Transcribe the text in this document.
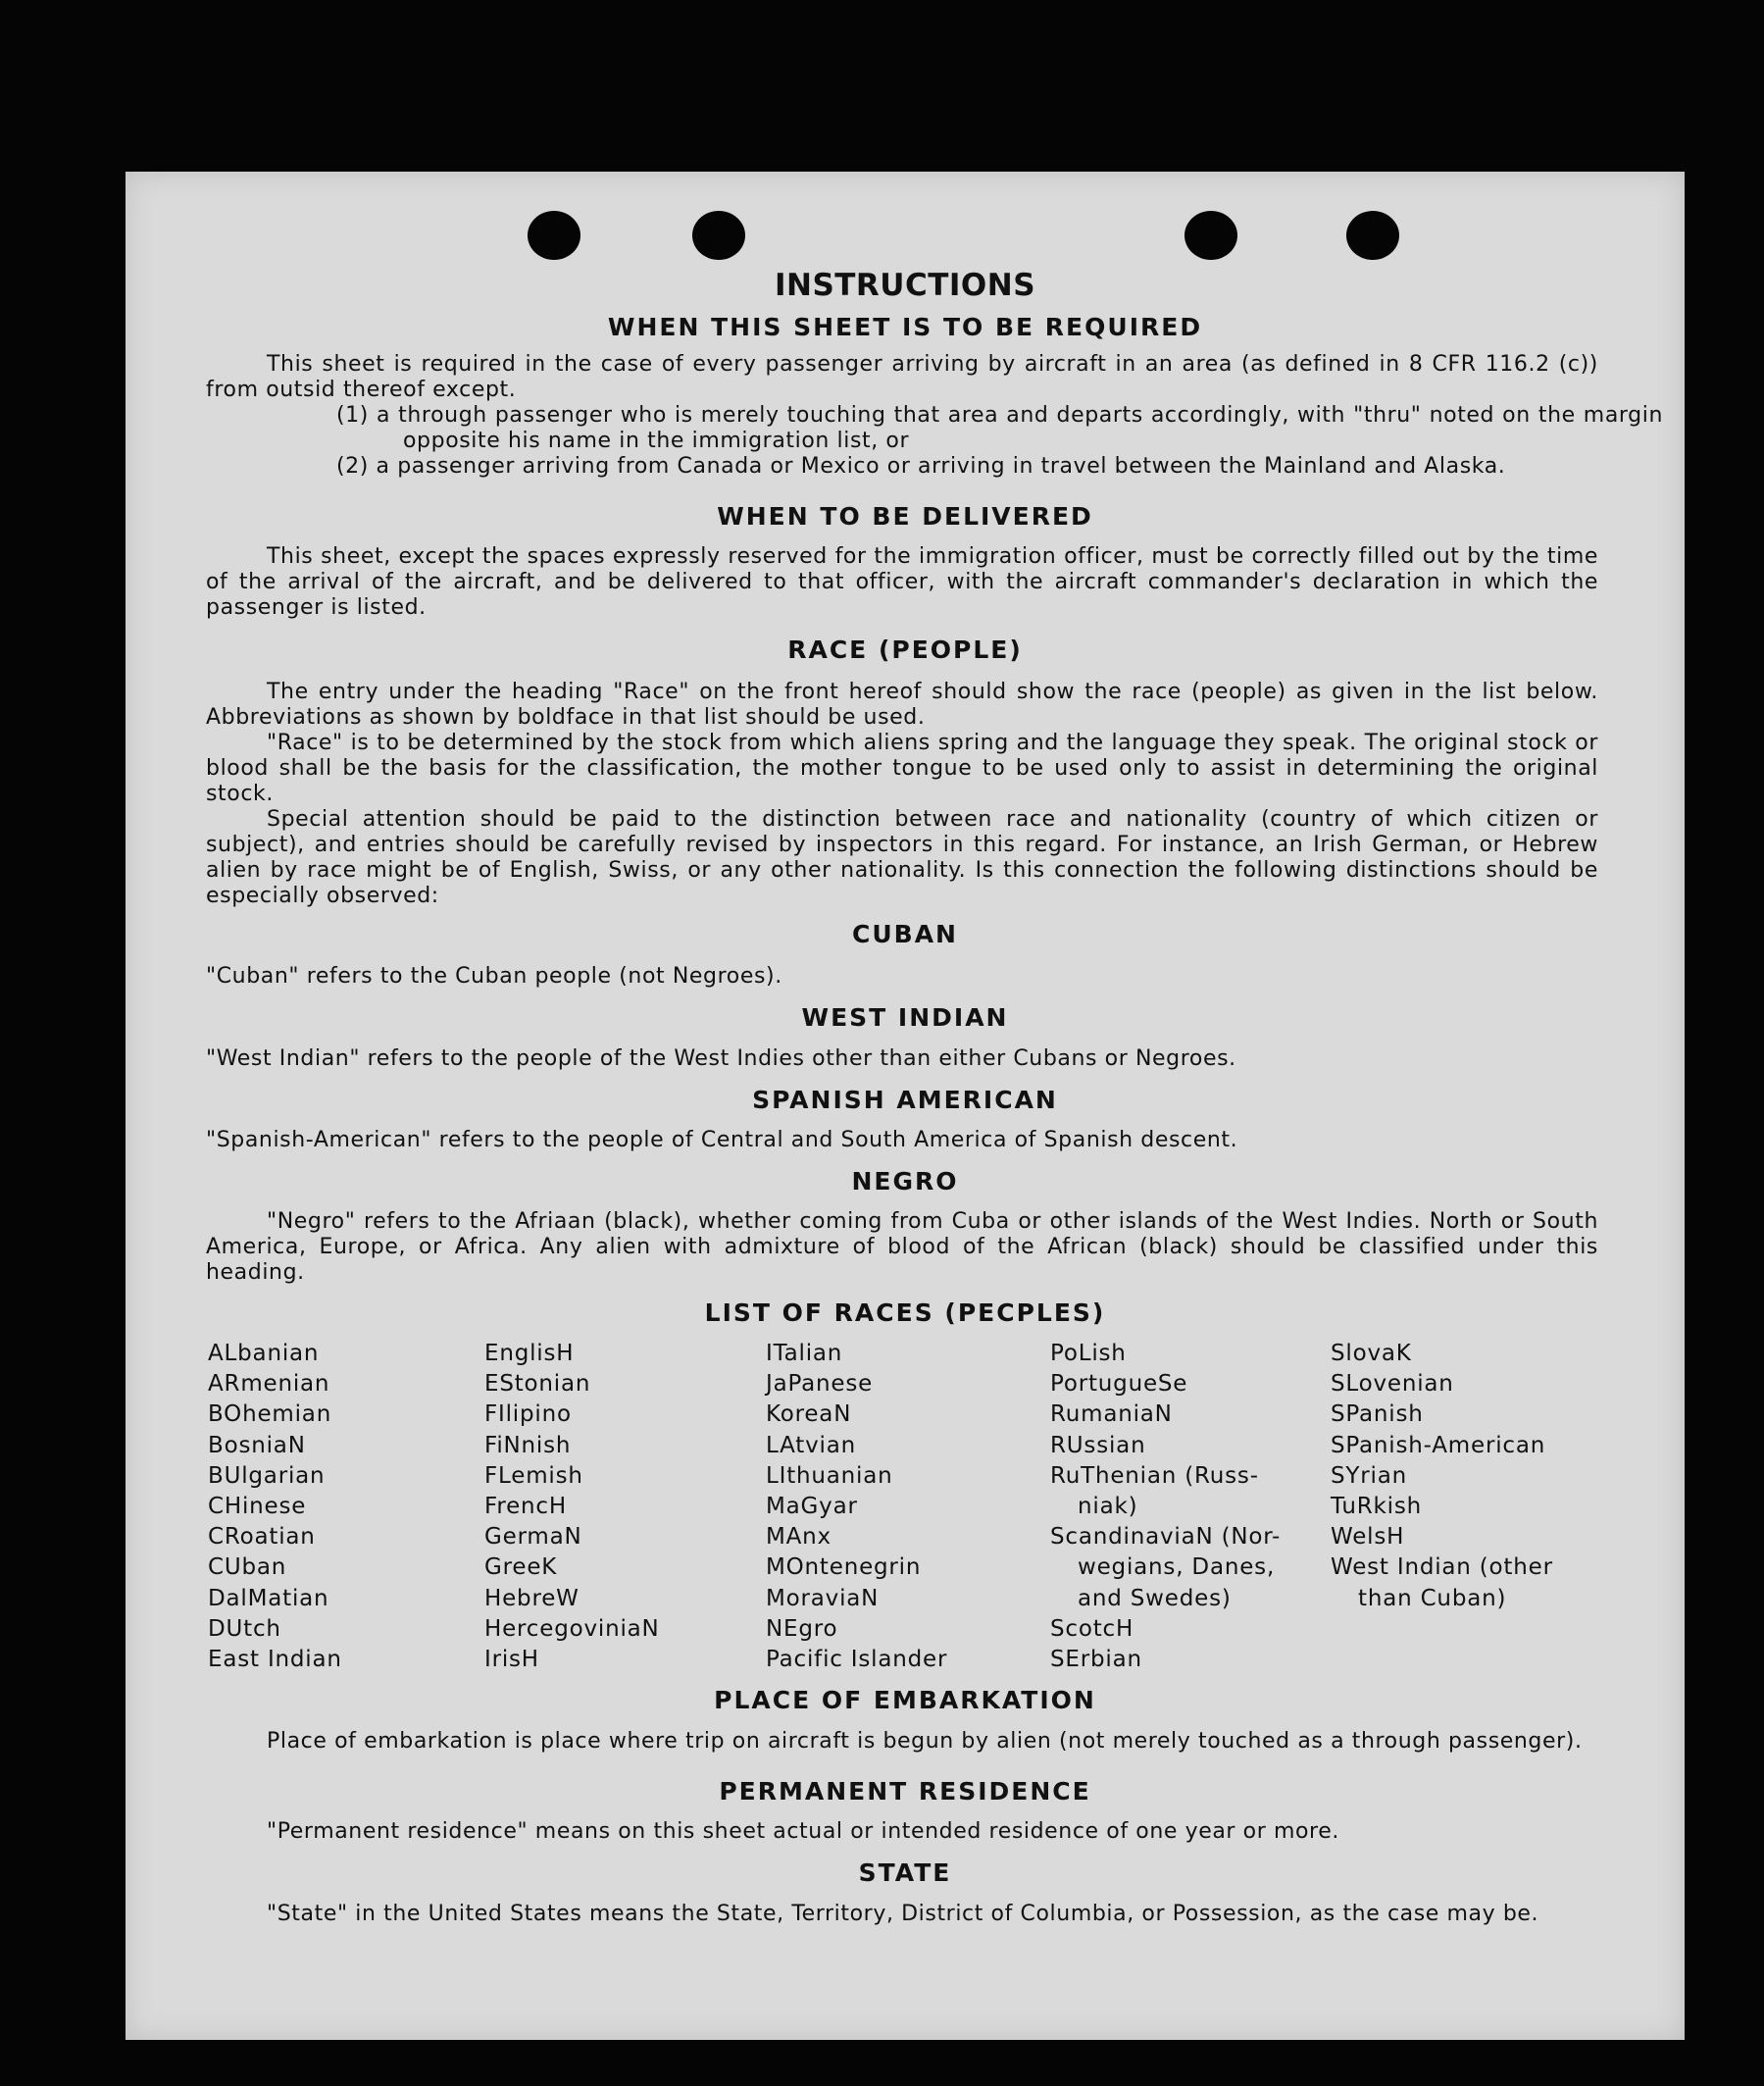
INSTRUCTIONS
WHEN THIS SHEET IS TO BE REQUIRED
This sheet is required in the case of every passenger arriving by aircraft in an area (as defined in 8 CFR 116.2 (c)) from outsid thereof except.
(1) a through passenger who is merely touching that area and departs accordingly, with "thru" noted on the margin opposite his name in the immigration list, or
(2) a passenger arriving from Canada or Mexico or arriving in travel between the Mainland and Alaska.
WHEN TO BE DELIVERED
This sheet, except the spaces expressly reserved for the immigration officer, must be correctly filled out by the time of the arrival of the aircraft, and be delivered to that officer, with the aircraft commander's declaration in which the passenger is listed.
RACE (PEOPLE)
The entry under the heading "Race" on the front hereof should show the race (people) as given in the list below. Abbreviations as shown by boldface in that list should be used.
"Race" is to be determined by the stock from which aliens spring and the language they speak. The original stock or blood shall be the basis for the classification, the mother tongue to be used only to assist in determining the original stock.
Special attention should be paid to the distinction between race and nationality (country of which citizen or subject), and entries should be carefully revised by inspectors in this regard. For instance, an Irish German, or Hebrew alien by race might be of English, Swiss, or any other nationality. Is this connection the following distinctions should be especially observed:
CUBAN
"Cuban" refers to the Cuban people (not Negroes).
WEST INDIAN
"West Indian" refers to the people of the West Indies other than either Cubans or Negroes.
SPANISH AMERICAN
"Spanish-American" refers to the people of Central and South America of Spanish descent.
NEGRO
"Negro" refers to the Afriaan (black), whether coming from Cuba or other islands of the West Indies. North or South America, Europe, or Africa. Any alien with admixture of blood of the African (black) should be classified under this heading.
LIST OF RACES (PECPLES)
ALbanian
ARmenian
BOhemian
BosniaN
BUlgarian
CHinese
CRoatian
CUban
DalMatian
DUtch
East Indian
EnglisH
EStonian
FIlipino
FiNnish
FLemish
FrencH
GermaN
GreeK
HebreW
HercegoviniaN
IrisH
ITalian
JaPanese
KoreaN
LAtvian
LIthuanian
MaGyar
MAnx
MOntenegrin
MoraviaN
NEgro
Pacific Islander
PoLish
PortugueSe
RumaniaN
RUssian
RuThenian (Russ-
niak)
ScandinaviaN (Nor-
wegians, Danes,
and Swedes)
ScotcH
SErbian
SlovaK
SLovenian
SPanish
SPanish-American
SYrian
TuRkish
WelsH
West Indian (other
than Cuban)
PLACE OF EMBARKATION
Place of embarkation is place where trip on aircraft is begun by alien (not merely touched as a through passenger).
PERMANENT RESIDENCE
"Permanent residence" means on this sheet actual or intended residence of one year or more.
STATE
"State" in the United States means the State, Territory, District of Columbia, or Possession, as the case may be.
